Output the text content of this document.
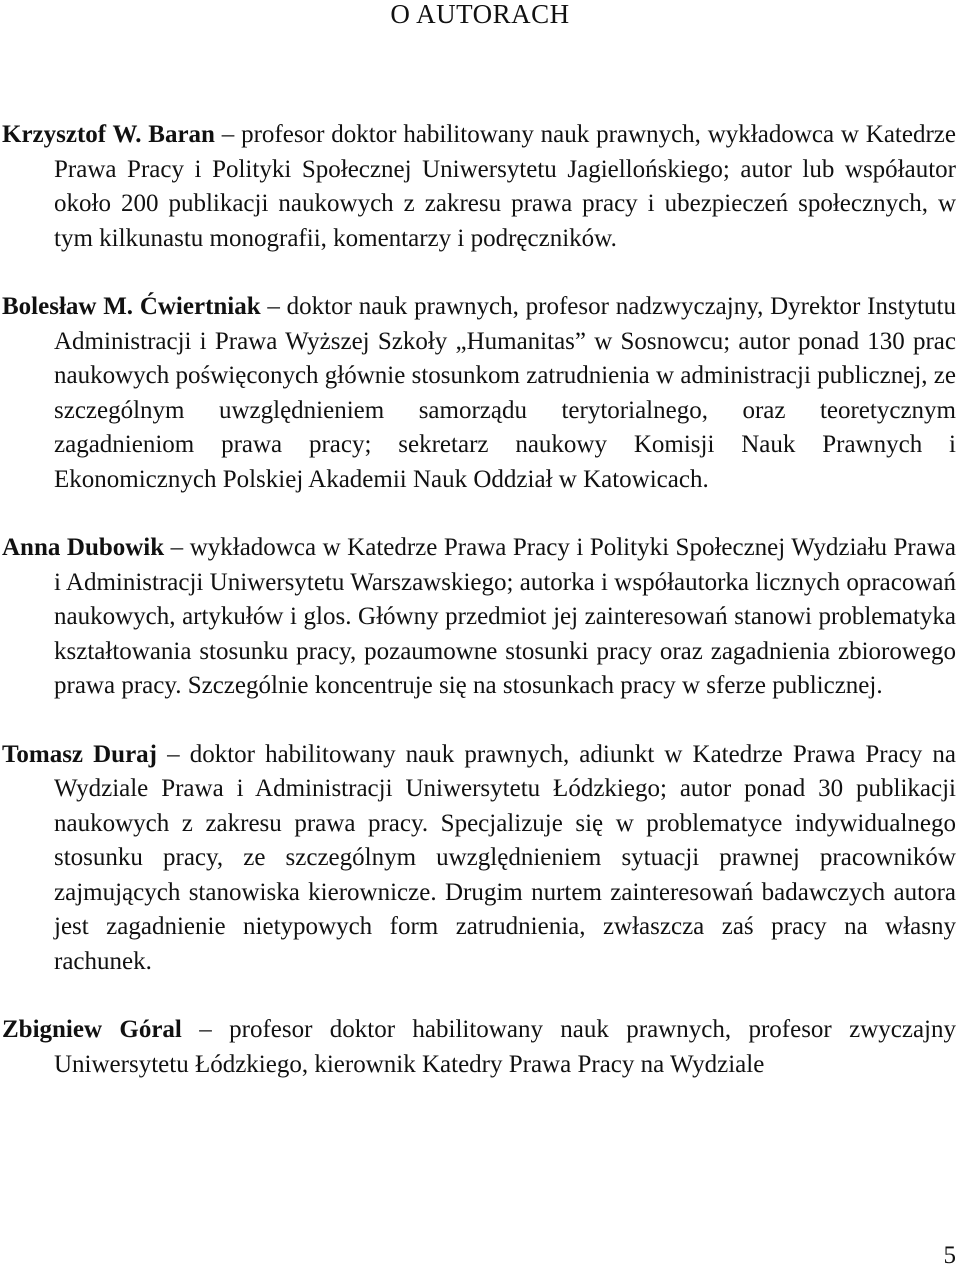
O AUTORACH

Krzysztof W. Baran – profesor doktor habilitowany nauk prawnych, wykładowca w Katedrze Prawa Pracy i Polityki Społecznej Uniwersytetu Jagiellońskiego; autor lub współautor około 200 publikacji naukowych z zakresu prawa pracy i ubezpieczeń społecznych, w tym kilkunastu monografii, komentarzy i podręczników.

Bolesław M. Ćwiertniak – doktor nauk prawnych, profesor nadzwyczajny, Dyrektor Instytutu Administracji i Prawa Wyższej Szkoły „Humanitas” w Sosnowcu; autor ponad 130 prac naukowych poświęconych głównie stosunkom zatrudnienia w administracji publicznej, ze szczególnym uwzględnieniem samorządu terytorialnego, oraz teoretycznym zagadnieniom prawa pracy; sekretarz naukowy Komisji Nauk Prawnych i Ekonomicznych Polskiej Akademii Nauk Oddział w Katowicach.

Anna Dubowik – wykładowca w Katedrze Prawa Pracy i Polityki Społecznej Wydziału Prawa i Administracji Uniwersytetu Warszawskiego; autorka i współautorka licznych opracowań naukowych, artykułów i glos. Główny przedmiot jej zainteresowań stanowi problematyka kształtowania stosunku pracy, pozaumowne stosunki pracy oraz zagadnienia zbiorowego prawa pracy. Szczególnie koncentruje się na stosunkach pracy w sferze publicznej.

Tomasz Duraj – doktor habilitowany nauk prawnych, adiunkt w Katedrze Prawa Pracy na Wydziale Prawa i Administracji Uniwersytetu Łódzkiego; autor ponad 30 publikacji naukowych z zakresu prawa pracy. Specjalizuje się w problematyce indywidualnego stosunku pracy, ze szczególnym uwzględnieniem sytuacji prawnej pracowników zajmujących stanowiska kierownicze. Drugim nurtem zainteresowań badawczych autora jest zagadnienie nietypowych form zatrudnienia, zwłaszcza zaś pracy na własny rachunek.

Zbigniew Góral – profesor doktor habilitowany nauk prawnych, profesor zwyczajny Uniwersytetu Łódzkiego, kierownik Katedry Prawa Pracy na Wydziale

5
